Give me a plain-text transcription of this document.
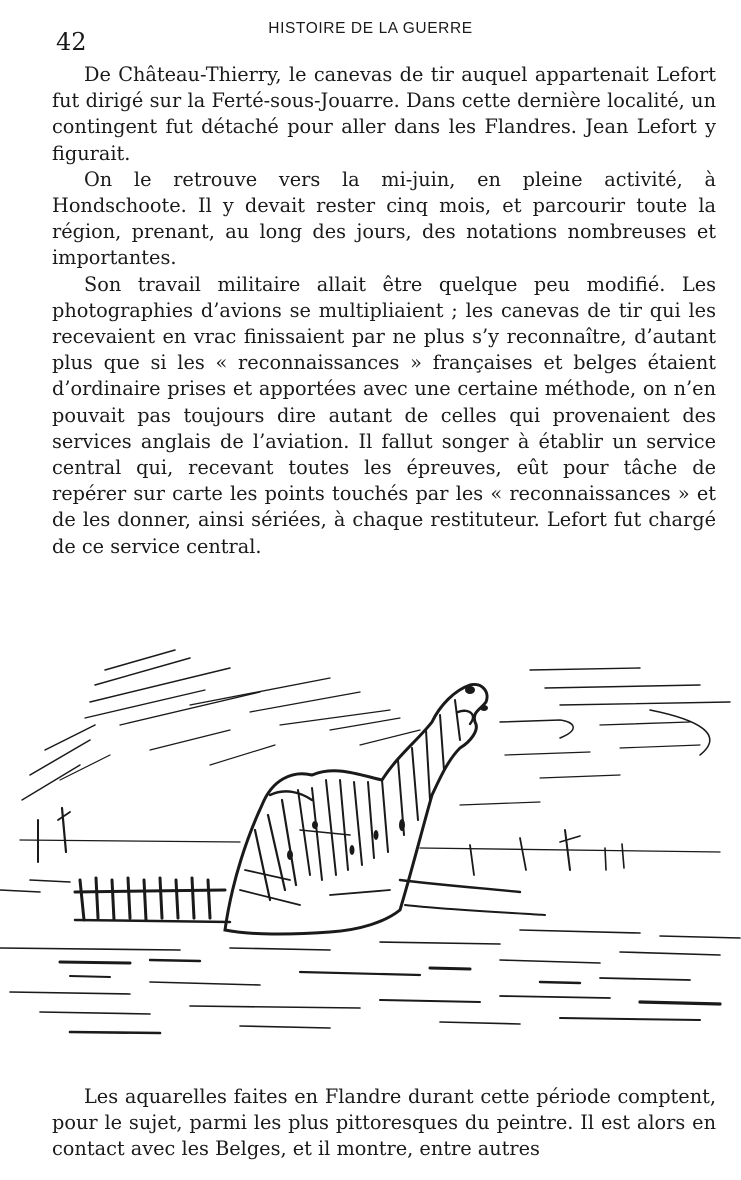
42	HISTOIRE DE LA GUERRE

De Château-Thierry, le canevas de tir auquel appartenait Lefort fut dirigé sur la Ferté-sous-Jouarre. Dans cette dernière localité, un contingent fut détaché pour aller dans les Flandres. Jean Lefort y figurait.

On le retrouve vers la mi-juin, en pleine activité, à Hondschoote. Il y devait rester cinq mois, et parcourir toute la région, prenant, au long des jours, des notations nombreuses et importantes.

Son travail militaire allait être quelque peu modifié. Les photographies d’avions se multipliaient ; les canevas de tir qui les recevaient en vrac finissaient par ne plus s’y reconnaître, d’autant plus que si les « reconnaissances » françaises et belges étaient d’ordinaire prises et apportées avec une certaine méthode, on n’en pouvait pas toujours dire autant de celles qui provenaient des services anglais de l’aviation. Il fallut songer à établir un service central qui, recevant toutes les épreuves, eût pour tâche de repérer sur carte les points touchés par les « reconnaissances » et de les donner, ainsi sériées, à chaque restituteur. Lefort fut chargé de ce service central.

Les aquarelles faites en Flandre durant cette période comptent, pour le sujet, parmi les plus pittoresques du peintre. Il est alors en contact avec les Belges, et il montre, entre autres
